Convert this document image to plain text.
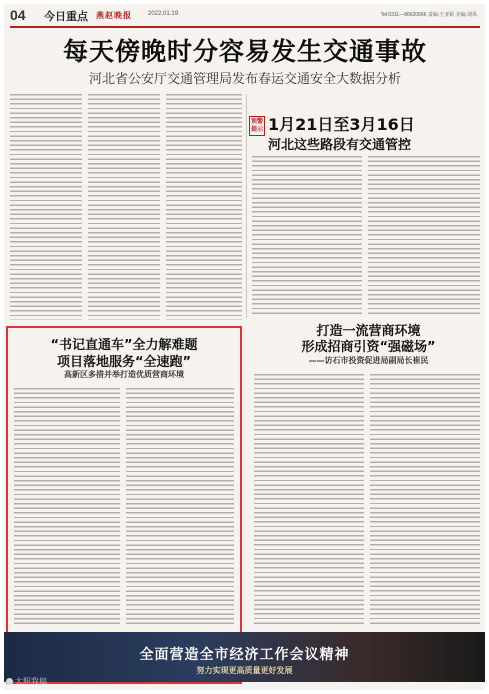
04 今日重点 燕赵晚报	2022.01.19	Tel:0311—86620666 责编:王亚娇 美编:刘凤
每天傍晚时分容易发生交通事故
河北省公安厅交通管理局发布春运交通安全大数据分析
预警提示 1月21日至3月16日
河北这些路段有交通管控
“书记直通车”全力解难题
项目落地服务“全速跑”
高新区多措并举打造优质营商环境
打造一流营商环境
形成招商引资“强磁场”
——访石市投资促进局副局长崔民
全面营造全市经济工作会议精神
努力实现更高质量更好发展
大胆我搞
